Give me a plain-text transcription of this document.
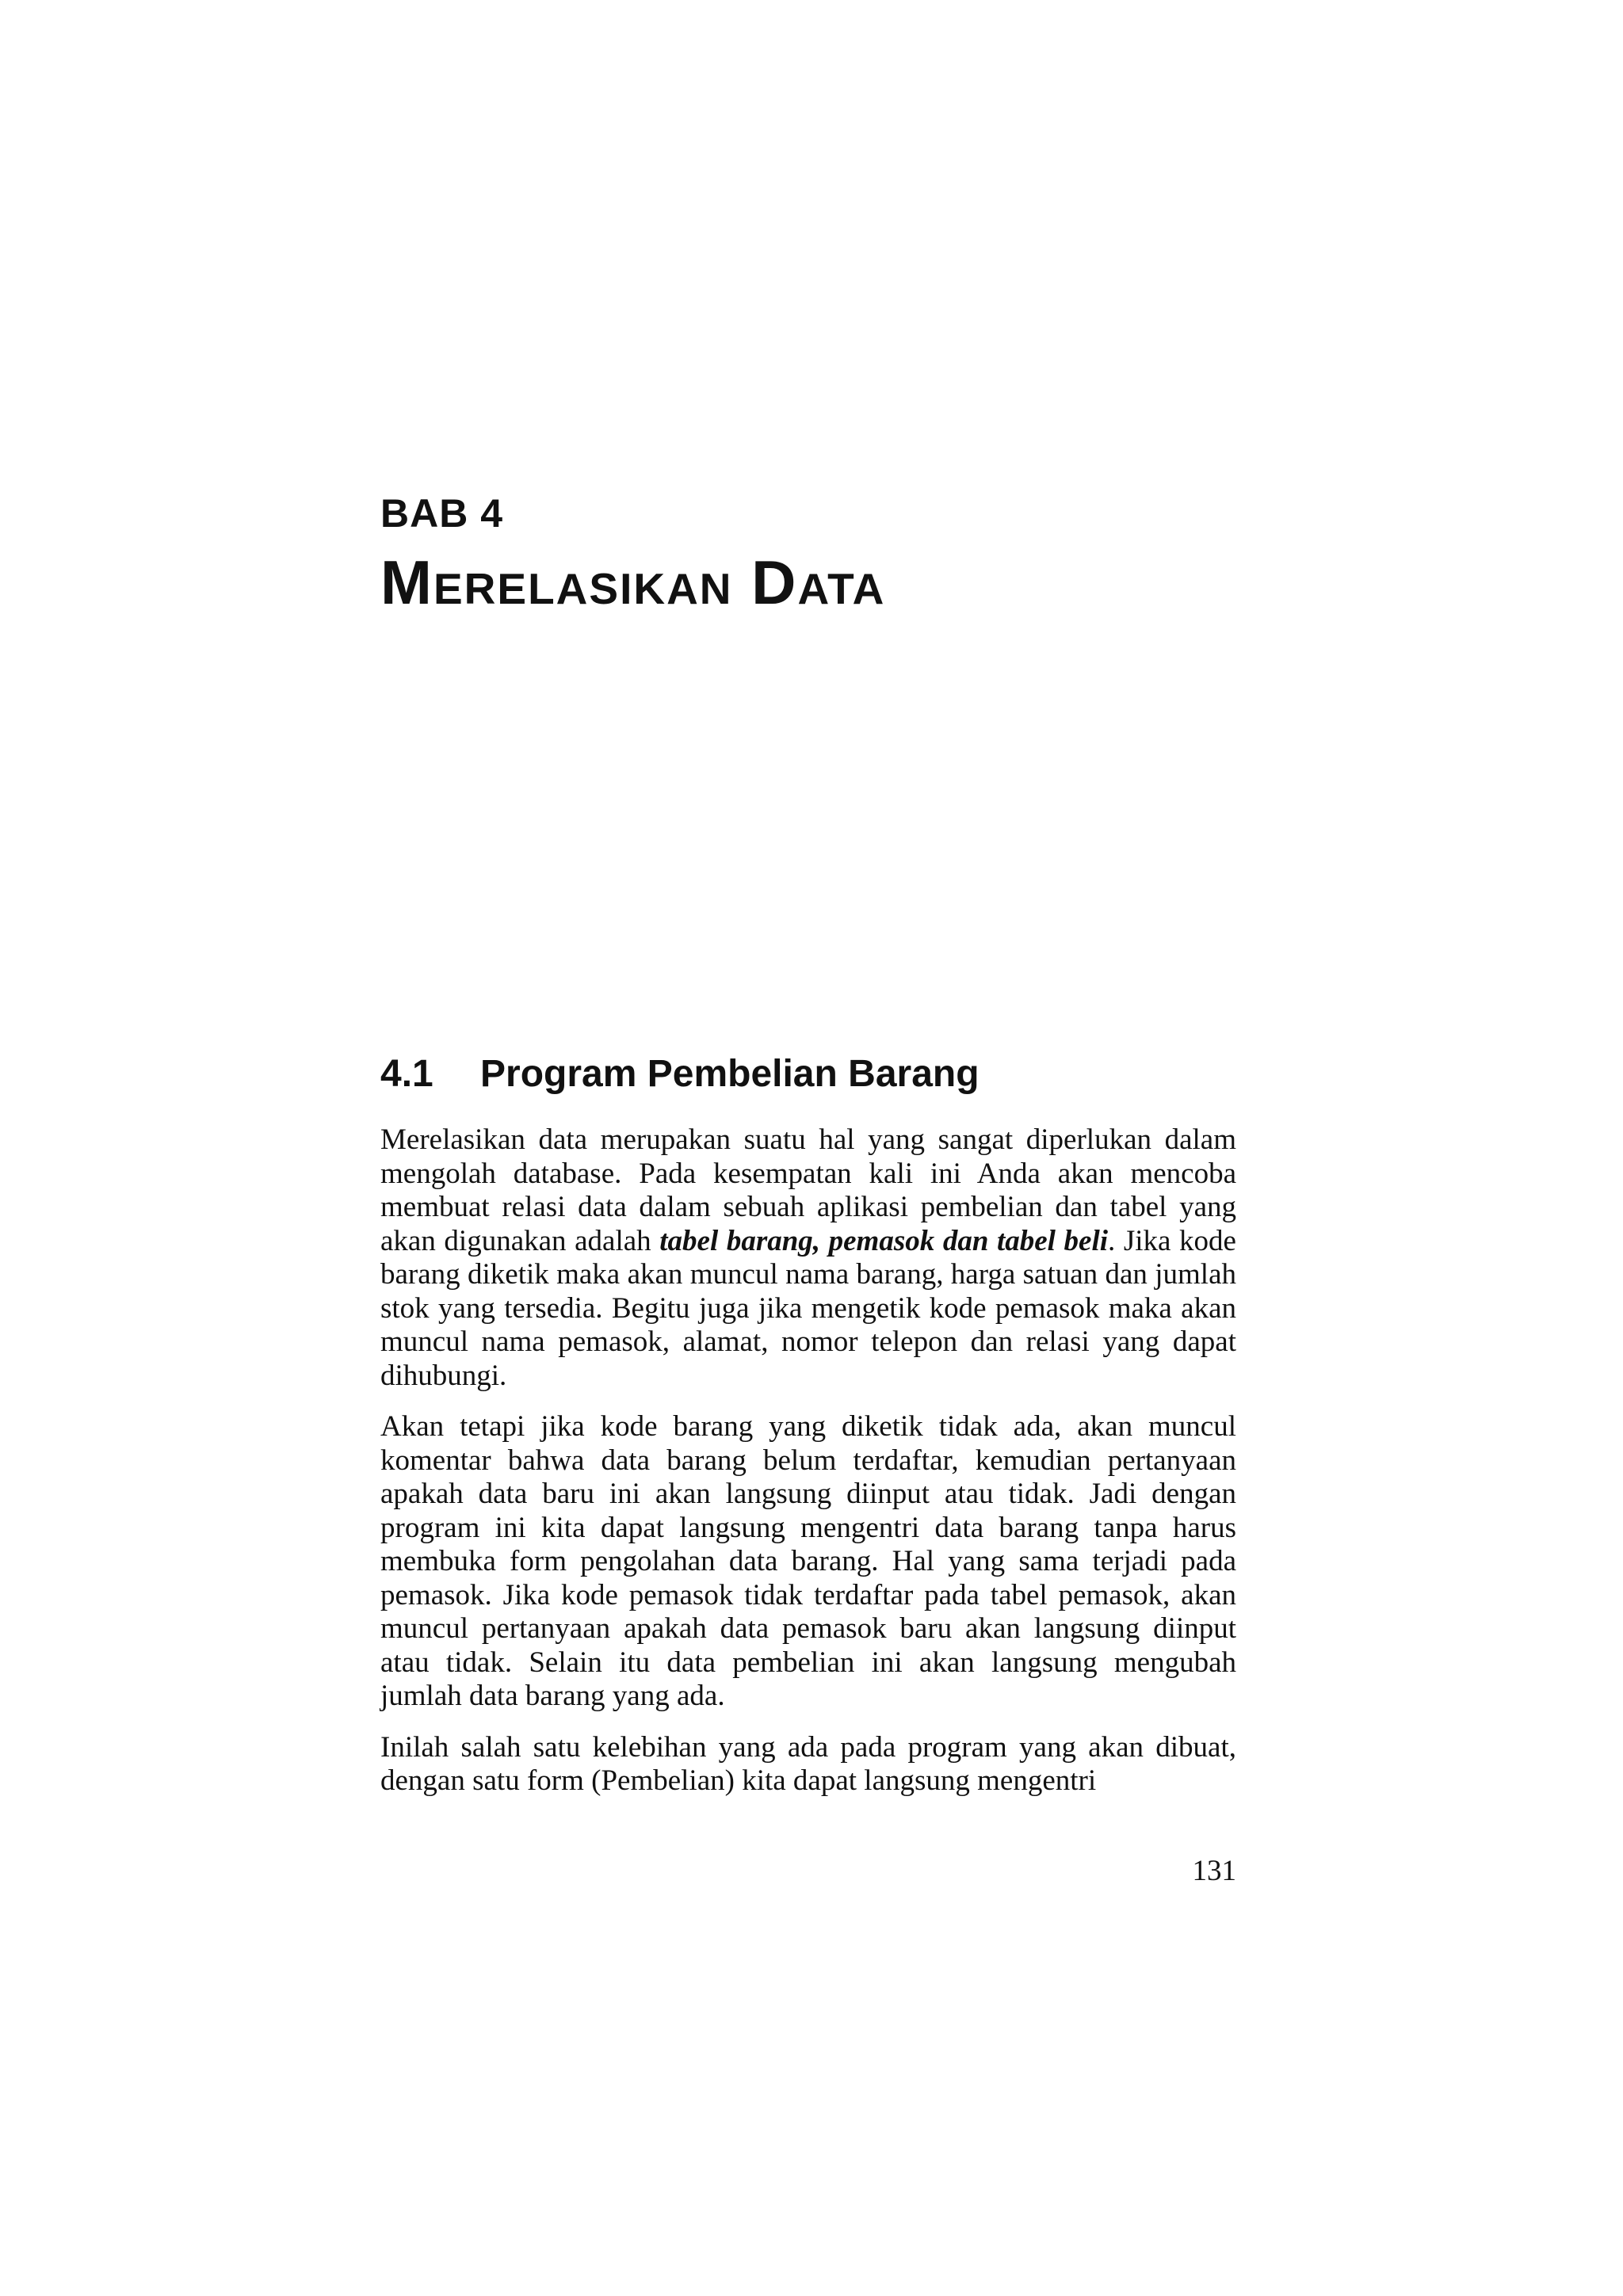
BAB 4
Merelasikan Data
4.1 Program Pembelian Barang

Merelasikan data merupakan suatu hal yang sangat diperlukan dalam mengolah database. Pada kesempatan kali ini Anda akan mencoba membuat relasi data dalam sebuah aplikasi pembelian dan tabel yang akan digunakan adalah tabel barang, pemasok dan tabel beli. Jika kode barang diketik maka akan muncul nama barang, harga satuan dan jumlah stok yang tersedia. Begitu juga jika mengetik kode pemasok maka akan muncul nama pemasok, alamat, nomor telepon dan relasi yang dapat dihubungi.

Akan tetapi jika kode barang yang diketik tidak ada, akan muncul komentar bahwa data barang belum terdaftar, kemudian pertanyaan apakah data baru ini akan langsung diinput atau tidak. Jadi dengan program ini kita dapat langsung mengentri data barang tanpa harus membuka form pengolahan data barang. Hal yang sama terjadi pada pemasok. Jika kode pemasok tidak terdaftar pada tabel pemasok, akan muncul pertanyaan apakah data pemasok baru akan langsung diinput atau tidak. Selain itu data pembelian ini akan langsung mengubah jumlah data barang yang ada.

Inilah salah satu kelebihan yang ada pada program yang akan dibuat, dengan satu form (Pembelian) kita dapat langsung mengentri

131
